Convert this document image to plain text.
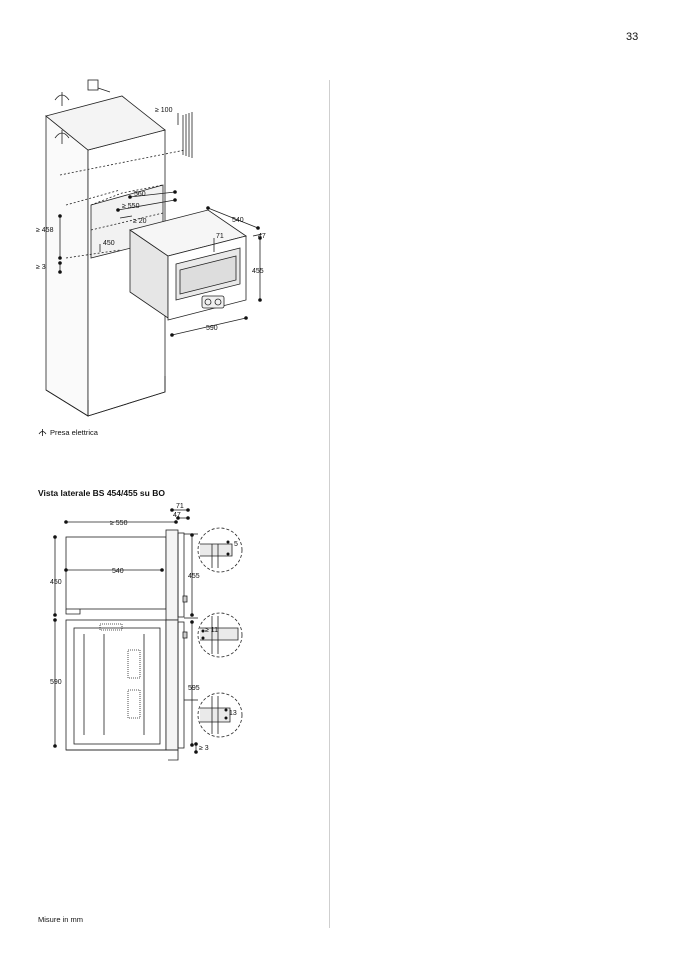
33
≥ 100
560
≥ 550
≥ 20
≥ 458
450
≥ 3
540
47
71
455
590
Presa elettrica
Vista laterale BS 454/455 su BO
71
47
≥ 550
540
450
455
590
595
≥ 3
5
≥ 11
13
Misure in mm
